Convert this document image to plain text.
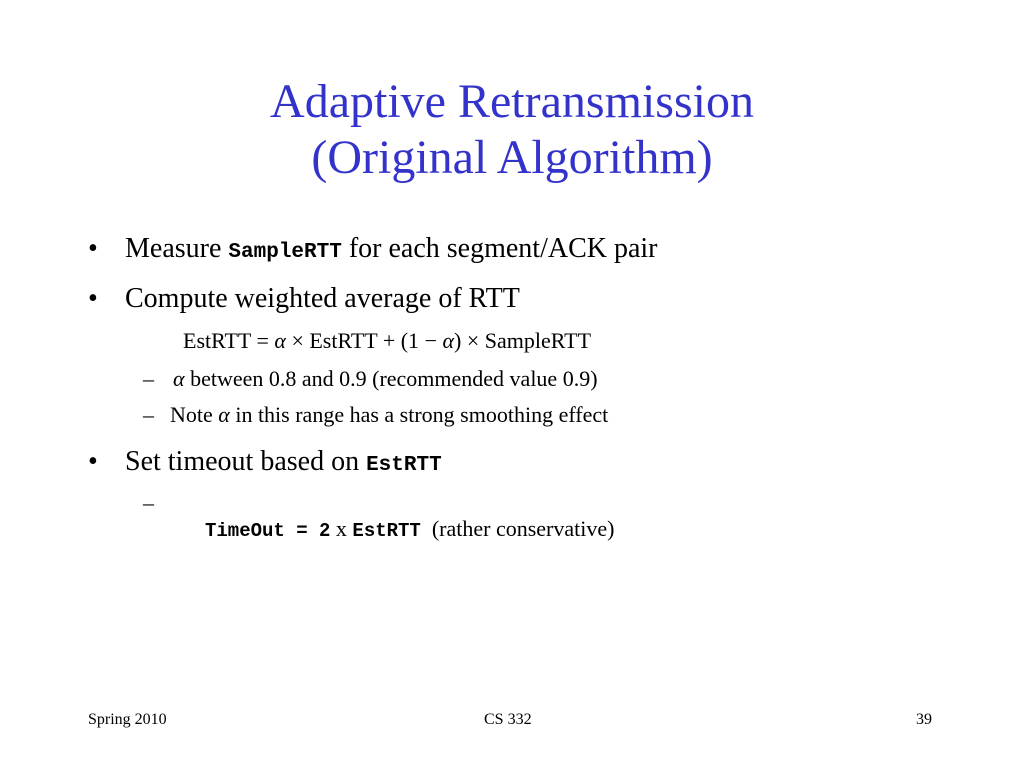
Adaptive Retransmission
(Original Algorithm)
• Measure SampleRTT for each segment/ACK pair
• Compute weighted average of RTT
EstRTT = α × EstRTT + (1 − α) × SampleRTT
– α between 0.8 and 0.9 (recommended value 0.9)
– Note α in this range has a strong smoothing effect
• Set timeout based on EstRTT
–

TimeOut = 2 x EstRTT  (rather conservative)

Spring 2010	CS 332	39
